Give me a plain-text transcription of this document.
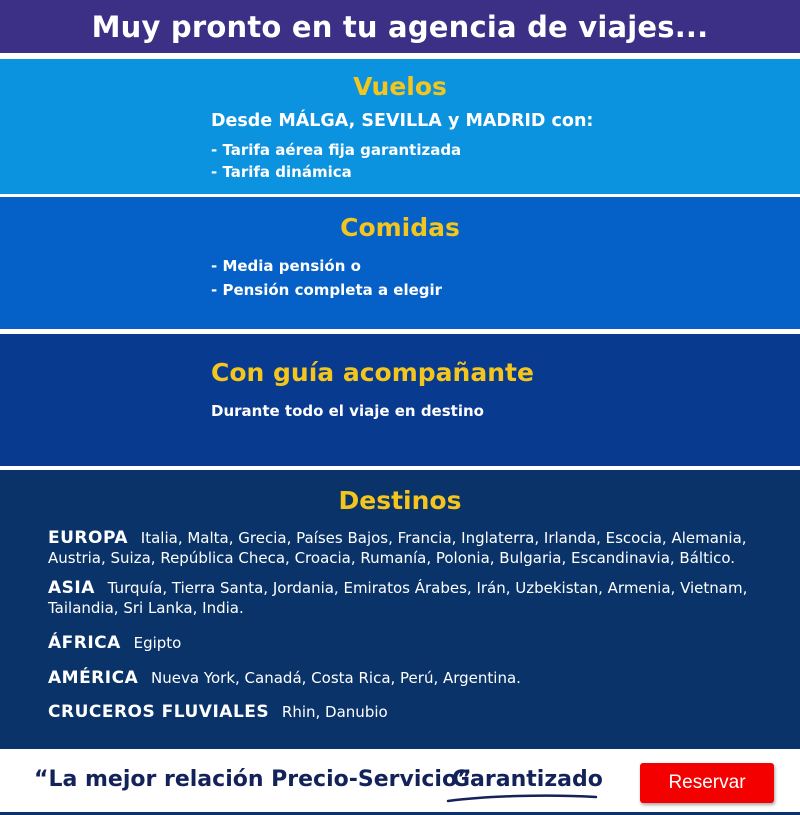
Muy pronto en tu agencia de viajes...
Vuelos
Desde MÁLGA, SEVILLA y MADRID con:
- Tarifa aérea fija garantizada
- Tarifa dinámica
Comidas
- Media pensión o
- Pensión completa a elegir
Con guía acompañante
Durante todo el viaje en destino
Destinos
EUROPA Italia, Malta, Grecia, Países Bajos, Francia, Inglaterra, Irlanda, Escocia, Alemania, Austria, Suiza, República Checa, Croacia, Rumanía, Polonia, Bulgaria, Escandinavia, Báltico.
ASIA Turquía, Tierra Santa, Jordania, Emiratos Árabes, Irán, Uzbekistan, Armenia, Vietnam, Tailandia, Sri Lanka, India.
ÁFRICA Egipto
AMÉRICA Nueva York, Canadá, Costa Rica, Perú, Argentina.
CRUCEROS FLUVIALES Rhin, Danubio
“La mejor relación Precio-Servicio”
Garantizado	Reservar
